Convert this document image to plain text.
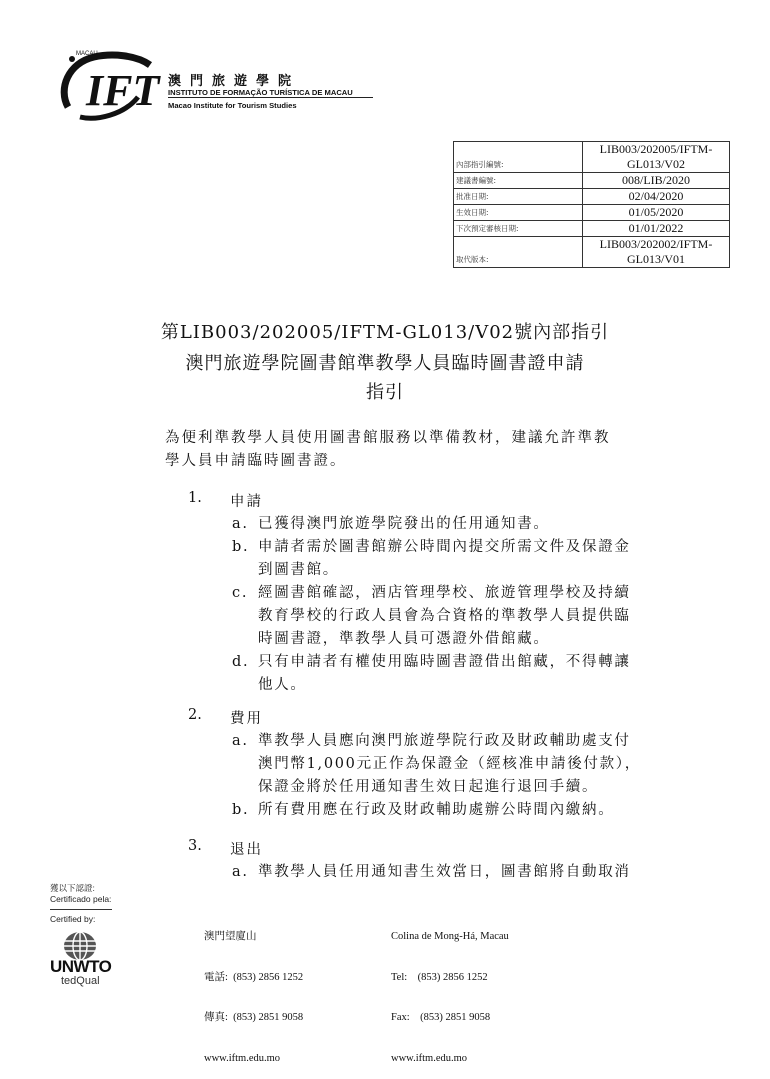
IFT
MACAU
澳門旅遊學院
INSTITUTO DE FORMAÇÃO TURÍSTICA DE MACAU
Macao Institute for Tourism Studies
內部指引編號:	LIB003/202005/IFTM-GL013/V02
建議書編號:	008/LIB/2020
批准日期:	02/04/2020
生效日期:	01/05/2020
下次預定審核日期:	01/01/2022
取代版本:	LIB003/202002/IFTM-GL013/V01
第LIB003/202005/IFTM-GL013/V02號內部指引
澳門旅遊學院圖書館準教學人員臨時圖書證申請
指引
為便利準教學人員使用圖書館服務以準備教材，建議允許準教
學人員申請臨時圖書證。
1. 申請
a. 已獲得澳門旅遊學院發出的任用通知書。
b. 申請者需於圖書館辦公時間內提交所需文件及保證金
到圖書館。
c. 經圖書館確認，酒店管理學校、旅遊管理學校及持續
教育學校的行政人員會為合資格的準教學人員提供臨
時圖書證，準教學人員可憑證外借館藏。
d. 只有申請者有權使用臨時圖書證借出館藏，不得轉讓
他人。
2. 費用
a. 準教學人員應向澳門旅遊學院行政及財政輔助處支付
澳門幣1,000元正作為保證金（經核准申請後付款），
保證金將於任用通知書生效日起進行退回手續。
b. 所有費用應在行政及財政輔助處辦公時間內繳納。
3. 退出
a. 準教學人員任用通知書生效當日，圖書館將自動取消
獲以下認證:
Certificado pela:
Certified by:
UNWTO
tedQual

澳門望廈山

電話:  (853) 2856 1252

傳真:  (853) 2851 9058

www.iftm.edu.mo

Colina de Mong-Há, Macau

Tel:    (853) 2856 1252

Fax:    (853) 2851 9058

www.iftm.edu.mo
